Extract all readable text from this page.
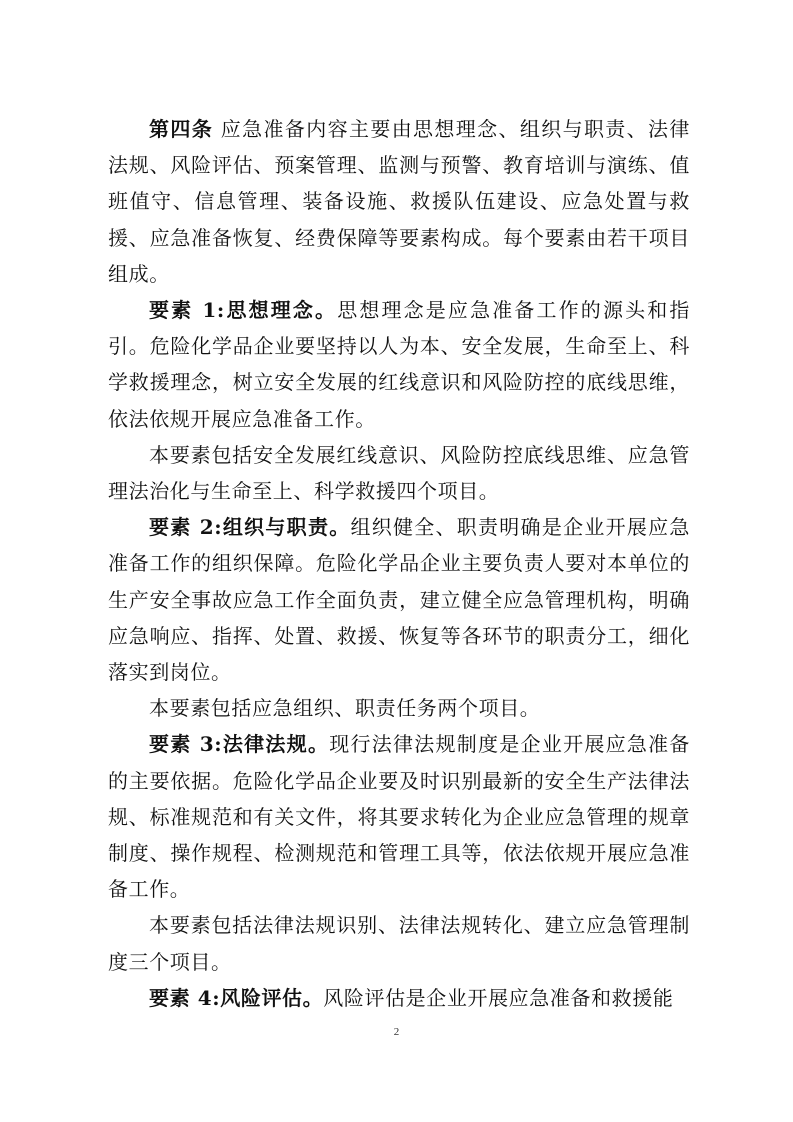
第四条 应急准备内容主要由思想理念、组织与职责、法律法规、风险评估、预案管理、监测与预警、教育培训与演练、值班值守、信息管理、装备设施、救援队伍建设、应急处置与救援、应急准备恢复、经费保障等要素构成。每个要素由若干项目组成。

要素 1:思想理念。思想理念是应急准备工作的源头和指引。危险化学品企业要坚持以人为本、安全发展，生命至上、科学救援理念，树立安全发展的红线意识和风险防控的底线思维，依法依规开展应急准备工作。

本要素包括安全发展红线意识、风险防控底线思维、应急管理法治化与生命至上、科学救援四个项目。

要素 2:组织与职责。组织健全、职责明确是企业开展应急准备工作的组织保障。危险化学品企业主要负责人要对本单位的生产安全事故应急工作全面负责，建立健全应急管理机构，明确应急响应、指挥、处置、救援、恢复等各环节的职责分工，细化落实到岗位。

本要素包括应急组织、职责任务两个项目。

要素 3:法律法规。现行法律法规制度是企业开展应急准备的主要依据。危险化学品企业要及时识别最新的安全生产法律法规、标准规范和有关文件，将其要求转化为企业应急管理的规章制度、操作规程、检测规范和管理工具等，依法依规开展应急准备工作。

本要素包括法律法规识别、法律法规转化、建立应急管理制度三个项目。

要素 4:风险评估。风险评估是企业开展应急准备和救援能

2
